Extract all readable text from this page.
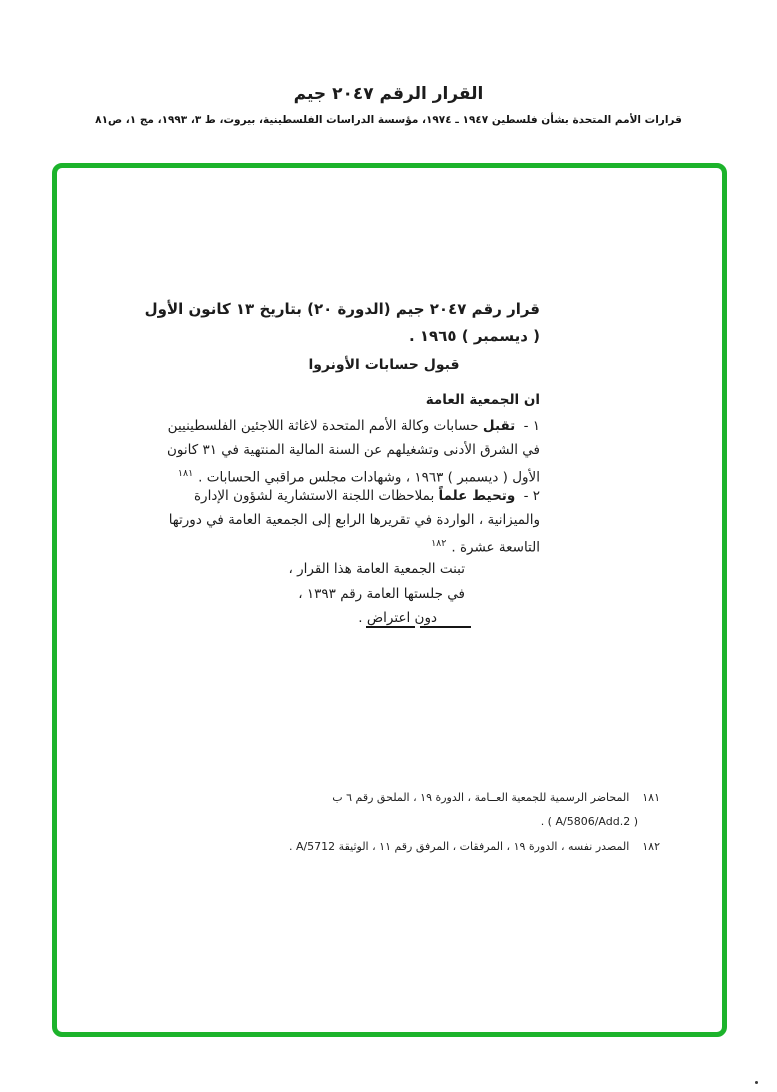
القرار الرقم ٢٠٤٧ جيم
قرارات الأمم المتحدة بشأن فلسطين ١٩٤٧ ـ ١٩٧٤، مؤسسة الدراسات الفلسطينية، بيروت، ط ٣، ١٩٩٣، مج ١، ص٨١
قرار رقم ٢٠٤٧ جيم (الدورة ٢٠) بتاريخ ١٣ كانون الأول
( ديسمبر ) ١٩٦٥ .
قبول حسابات الأونروا
ان الجمعية العامة
١ - تقبل حسابات وكالة الأمم المتحدة لاغاثة اللاجئين الفلسطينيين
في الشرق الأدنى وتشغيلهم عن السنة المالية المنتهية في ٣١ كانون
الأول ( ديسمبر ) ١٩٦٣ ، وشهادات مجلس مراقبي الحسابات .$^{١٨١}$
٢ - وتحيط علماً بملاحظات اللجنة الاستشارية لشؤون الإدارة
والميزانية ، الواردة في تقريرها الرابع إلى الجمعية العامة في دورتها
التاسعة عشرة .$^{١٨٢}$
تبنت الجمعية العامة هذا القرار ،
في جلستها العامة رقم ١٣٩٣ ،
دون اعتراض .
١٨١المحاضر الرسمية للجمعية العــامة ، الدورة ١٩ ، الملحق رقم ٦ ب
( A/5806/Add.2 ) .
١٨٢المصدر نفسه ، الدورة ١٩ ، المرفقات ، المرفق رقم ١١ ، الوثيقة A/5712 .
